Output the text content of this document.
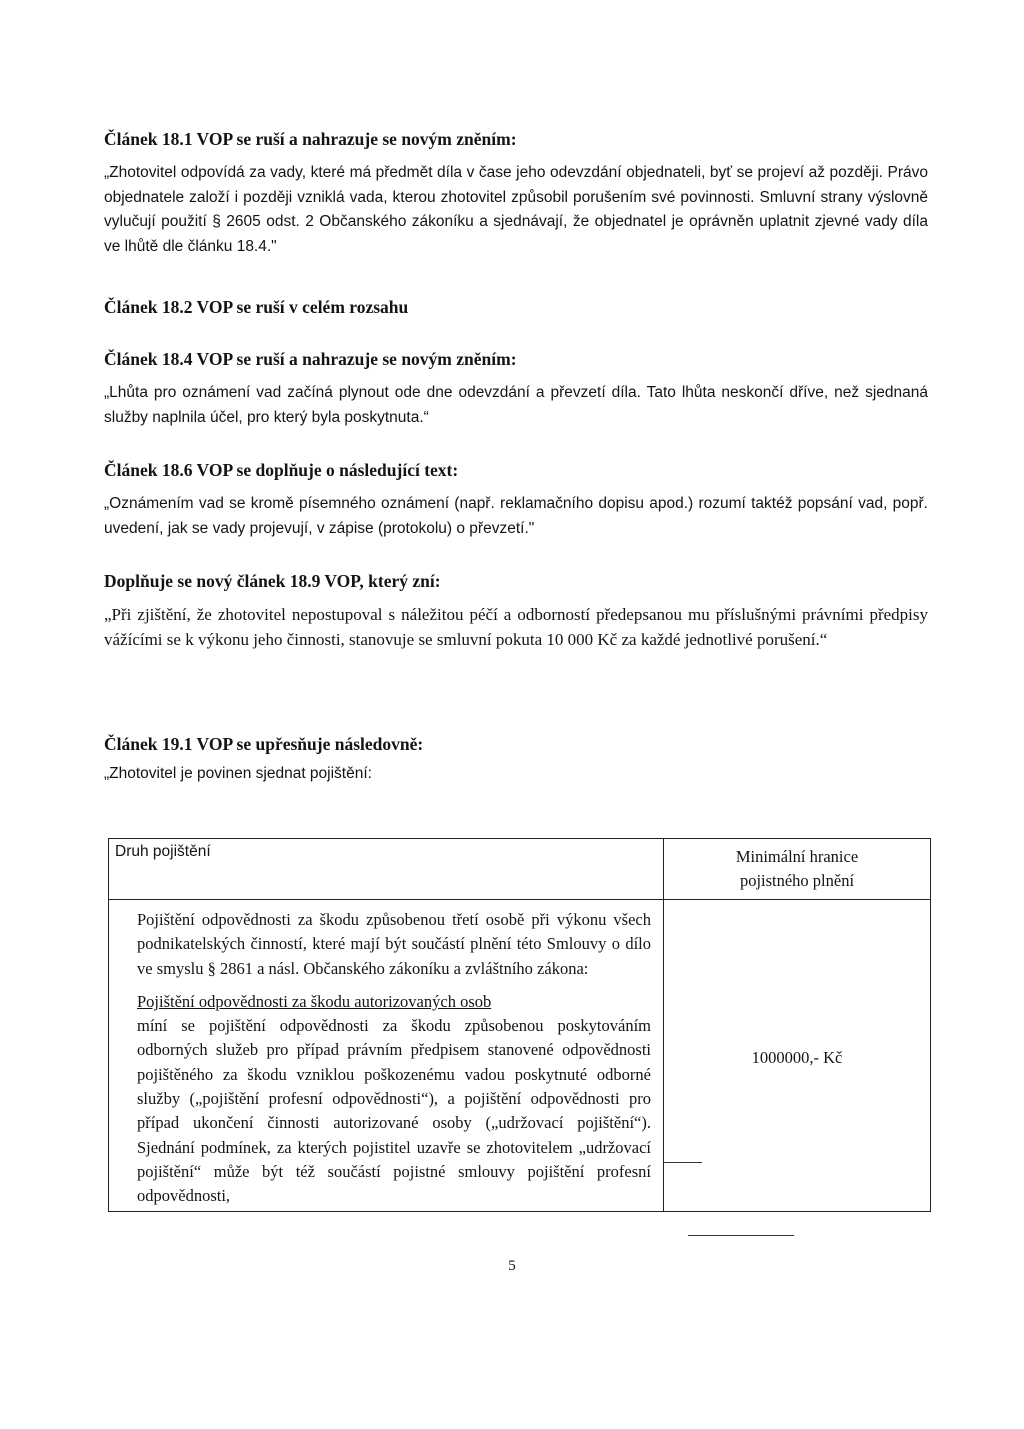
Článek 18.1 VOP se ruší a nahrazuje se novým zněním:

„Zhotovitel odpovídá za vady, které má předmět díla v čase jeho odevzdání objednateli, byť se projeví až později. Právo objednatele založí i později vzniklá vada, kterou zhotovitel způsobil porušením své povinnosti. Smluvní strany výslovně vylučují použití § 2605 odst. 2 Občanského zákoníku a sjednávají, že objednatel je oprávněn uplatnit zjevné vady díla ve lhůtě dle článku 18.4."

Článek 18.2 VOP se ruší v celém rozsahu

Článek 18.4 VOP se ruší a nahrazuje se novým zněním:

„Lhůta pro oznámení vad začíná plynout ode dne odevzdání a převzetí díla. Tato lhůta neskončí dříve, než sjednaná služby naplnila účel, pro který byla poskytnuta.“

Článek 18.6 VOP se doplňuje o následující text:

„Oznámením vad se kromě písemného oznámení (např. reklamačního dopisu apod.) rozumí taktéž popsání vad, popř. uvedení, jak se vady projevují, v zápise (protokolu) o převzetí."

Doplňuje se nový článek 18.9 VOP, který zní:

„Při zjištění, že zhotovitel nepostupoval s náležitou péčí a odborností předepsanou mu příslušnými právními předpisy vážícími se k výkonu jeho činnosti, stanovuje se smluvní pokuta 10 000 Kč za každé jednotlivé porušení.“

Článek 19.1 VOP se upřesňuje následovně:

„Zhotovitel je povinen sjednat pojištění:

Druh pojištění	Minimální hranice
pojistného plnění

Pojištění odpovědnosti za škodu způsobenou třetí osobě při výkonu všech podnikatelských činností, které mají být součástí plnění této Smlouvy o dílo ve smyslu § 2861 a násl. Občanského zákoníku a zvláštního zákona:

Pojištění odpovědnosti za škodu autorizovaných osob

míní se pojištění odpovědnosti za škodu způsobenou poskytováním odborných služeb pro případ právním předpisem stanovené odpovědnosti pojištěného za škodu vzniklou poškozenému vadou poskytnuté odborné služby („pojištění profesní odpovědnosti“), a pojištění odpovědnosti pro případ ukončení činnosti autorizované osoby („udržovací pojištění“). Sjednání podmínek, za kterých pojistitel uzavře se zhotovitelem „udržovací pojištění“ může být též součástí pojistné smlouvy pojištění profesní odpovědnosti,	1000000,- Kč
5
